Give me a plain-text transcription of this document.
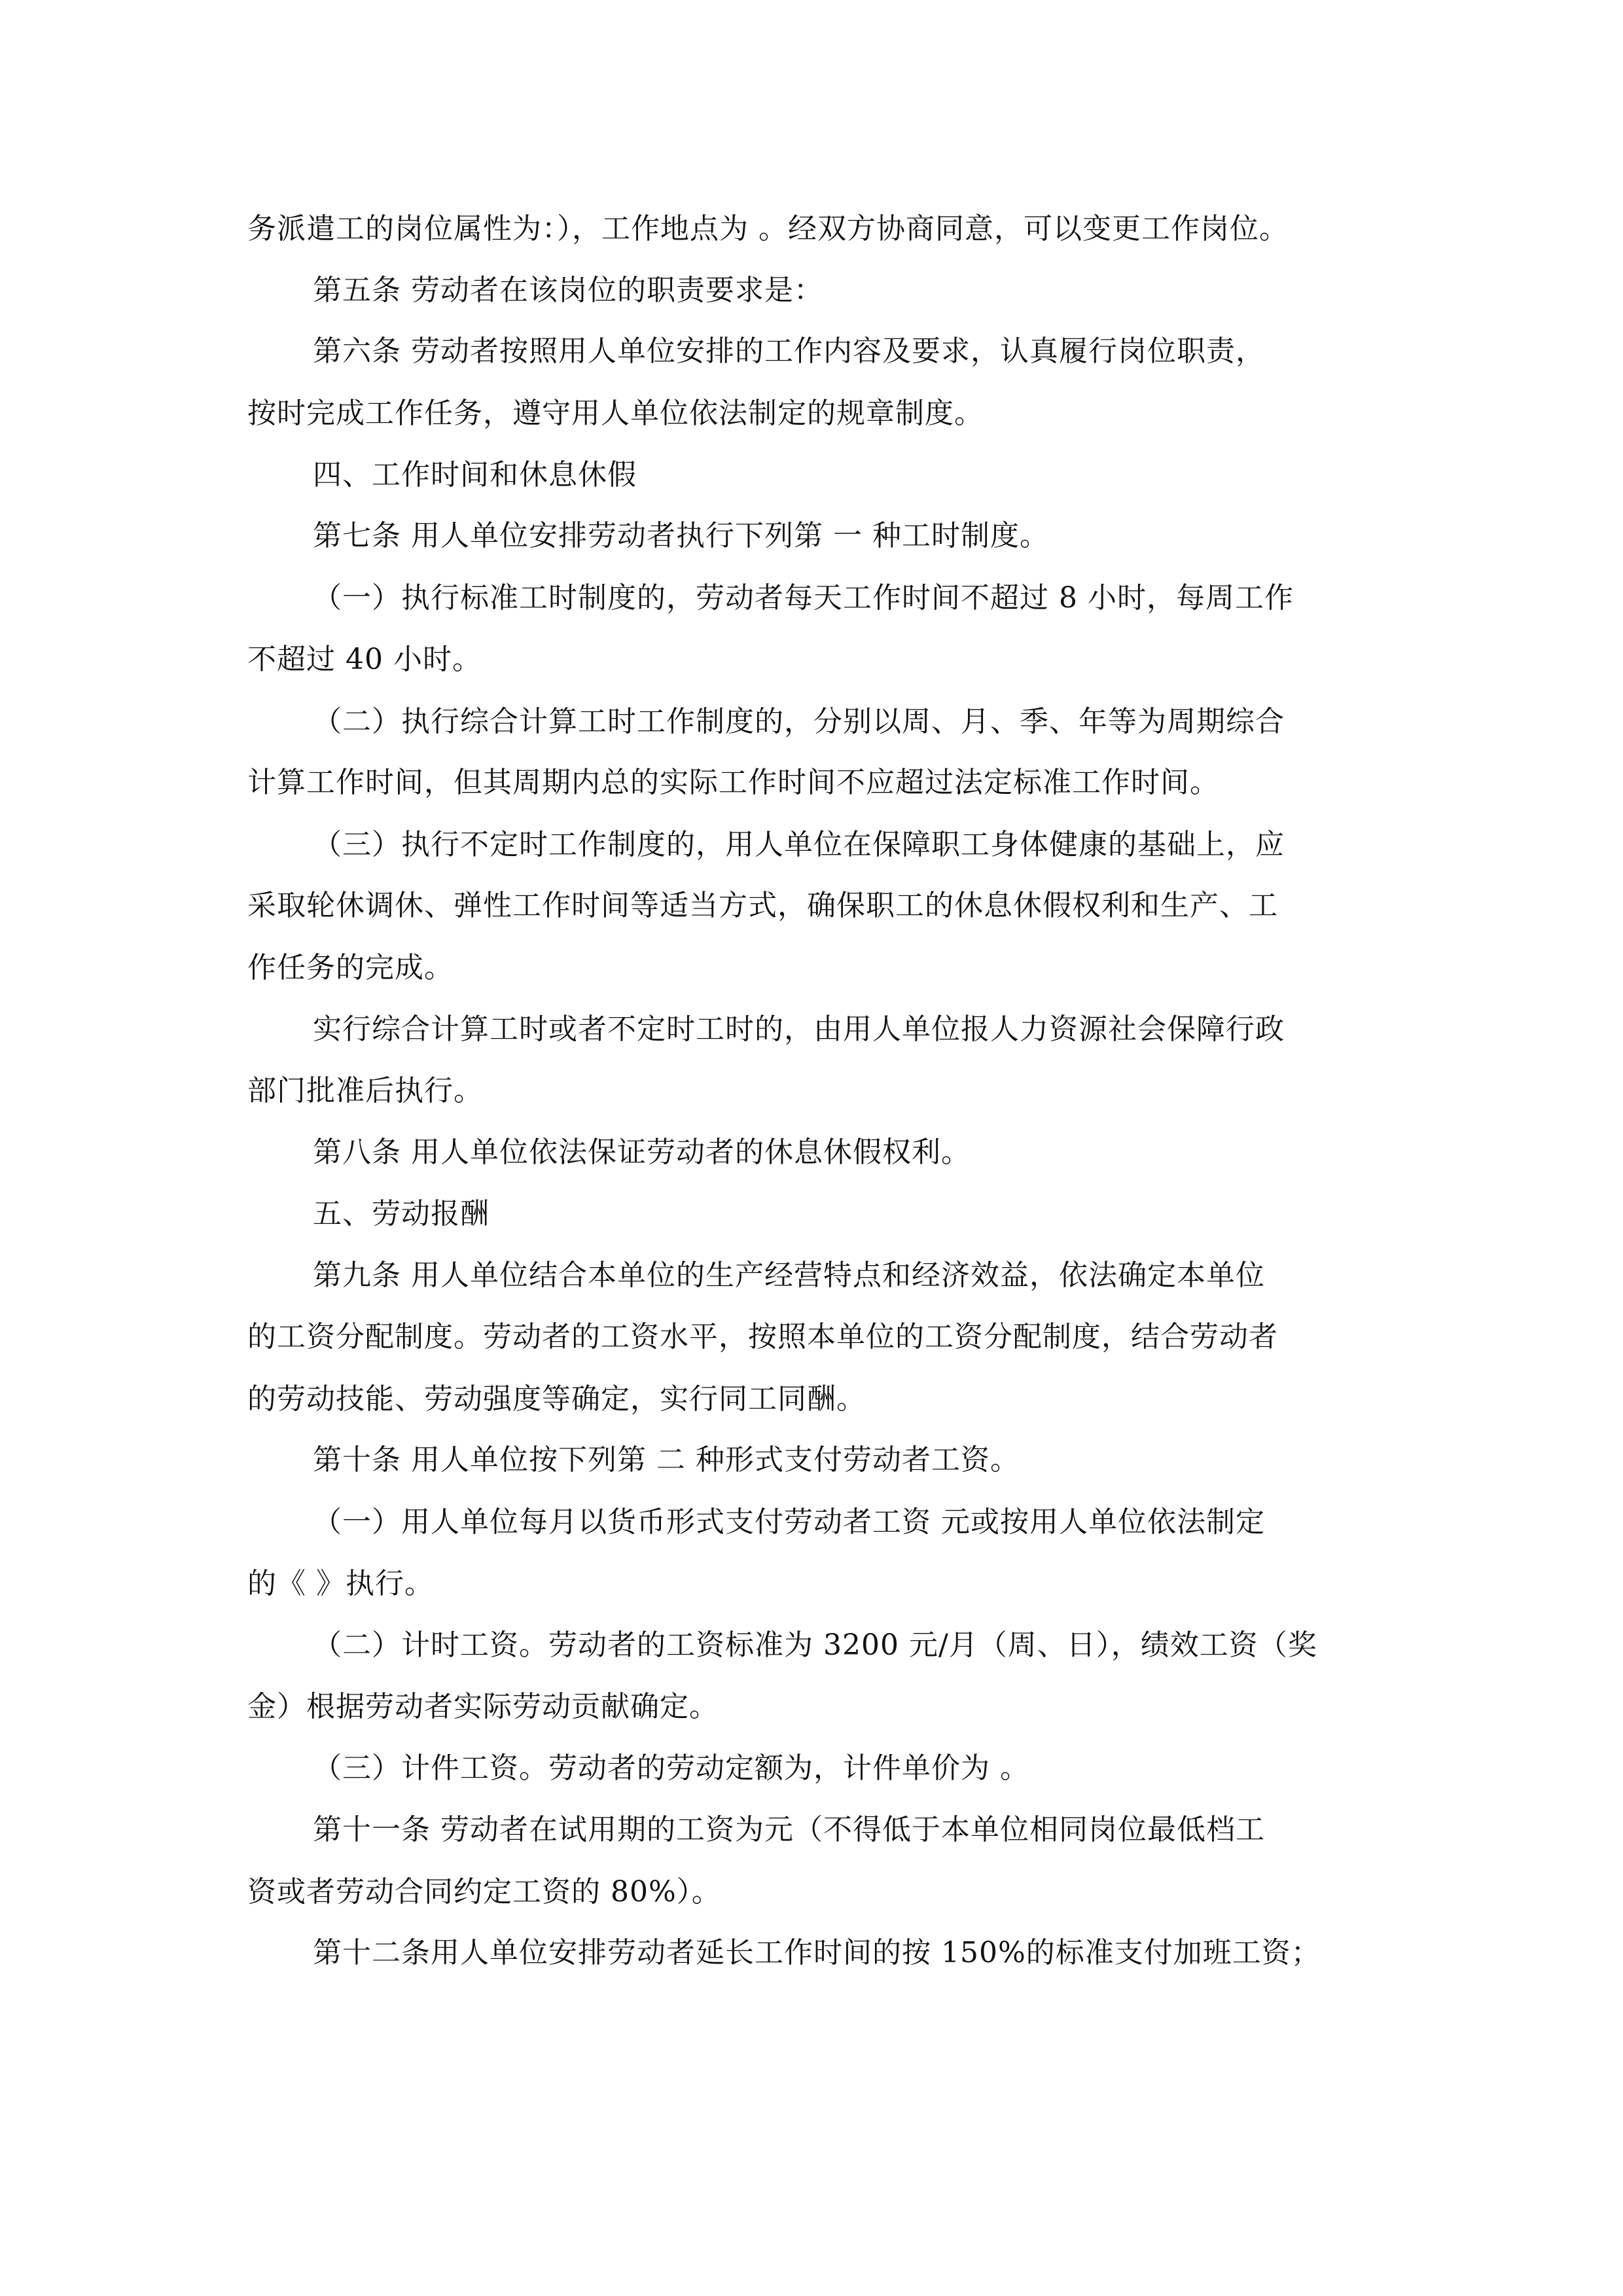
务派遣工的岗位属性为：），工作地点为 。经双方协商同意，可以变更工作岗位。
第五条 劳动者在该岗位的职责要求是：
第六条 劳动者按照用人单位安排的工作内容及要求，认真履行岗位职责，
按时完成工作任务，遵守用人单位依法制定的规章制度。
四、工作时间和休息休假
第七条 用人单位安排劳动者执行下列第 一 种工时制度。
（一）执行标准工时制度的，劳动者每天工作时间不超过 8 小时，每周工作
不超过 40 小时。
（二）执行综合计算工时工作制度的，分别以周、月、季、年等为周期综合
计算工作时间，但其周期内总的实际工作时间不应超过法定标准工作时间。
（三）执行不定时工作制度的，用人单位在保障职工身体健康的基础上，应
采取轮休调休、弹性工作时间等适当方式，确保职工的休息休假权利和生产、工
作任务的完成。
实行综合计算工时或者不定时工时的，由用人单位报人力资源社会保障行政
部门批准后执行。
第八条 用人单位依法保证劳动者的休息休假权利。
五、劳动报酬
第九条 用人单位结合本单位的生产经营特点和经济效益，依法确定本单位
的工资分配制度。劳动者的工资水平，按照本单位的工资分配制度，结合劳动者
的劳动技能、劳动强度等确定，实行同工同酬。
第十条 用人单位按下列第 二 种形式支付劳动者工资。
（一）用人单位每月以货币形式支付劳动者工资 元或按用人单位依法制定
的《 》执行。
（二）计时工资。劳动者的工资标准为 3200 元/月（周、日），绩效工资（奖
金）根据劳动者实际劳动贡献确定。
（三）计件工资。劳动者的劳动定额为，计件单价为 。
第十一条 劳动者在试用期的工资为元（不得低于本单位相同岗位最低档工
资或者劳动合同约定工资的 80%）。
第十二条用人单位安排劳动者延长工作时间的按 150%的标准支付加班工资；
